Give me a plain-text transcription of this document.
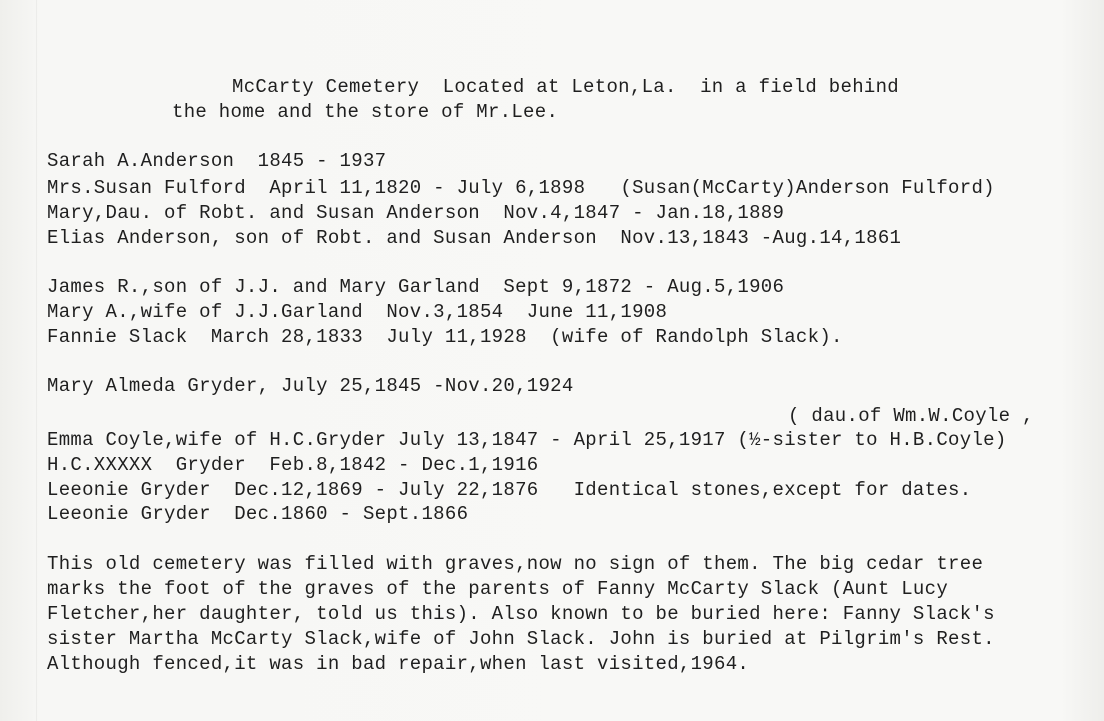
McCarty Cemetery  Located at Leton,La.  in a field behind
the home and the store of Mr.Lee.
Sarah A.Anderson  1845 - 1937
Mrs.Susan Fulford  April 11,1820 - July 6,1898   (Susan(McCarty)Anderson Fulford)
Mary,Dau. of Robt. and Susan Anderson  Nov.4,1847 - Jan.18,1889
Elias Anderson, son of Robt. and Susan Anderson  Nov.13,1843 -Aug.14,1861
James R.,son of J.J. and Mary Garland  Sept 9,1872 - Aug.5,1906
Mary A.,wife of J.J.Garland  Nov.3,1854  June 11,1908
Fannie Slack  March 28,1833  July 11,1928  (wife of Randolph Slack).
Mary Almeda Gryder, July 25,1845 -Nov.20,1924
( dau.of Wm.W.Coyle ,
Emma Coyle,wife of H.C.Gryder July 13,1847 - April 25,1917 (½-sister to H.B.Coyle)
H.C.XXXXX  Gryder  Feb.8,1842 - Dec.1,1916
Leeonie Gryder  Dec.12,1869 - July 22,1876   Identical stones,except for dates.
Leeonie Gryder  Dec.1860 - Sept.1866
This old cemetery was filled with graves,now no sign of them. The big cedar tree
marks the foot of the graves of the parents of Fanny McCarty Slack (Aunt Lucy
Fletcher,her daughter, told us this). Also known to be buried here: Fanny Slack's
sister Martha McCarty Slack,wife of John Slack. John is buried at Pilgrim's Rest.
Although fenced,it was in bad repair,when last visited,1964.
